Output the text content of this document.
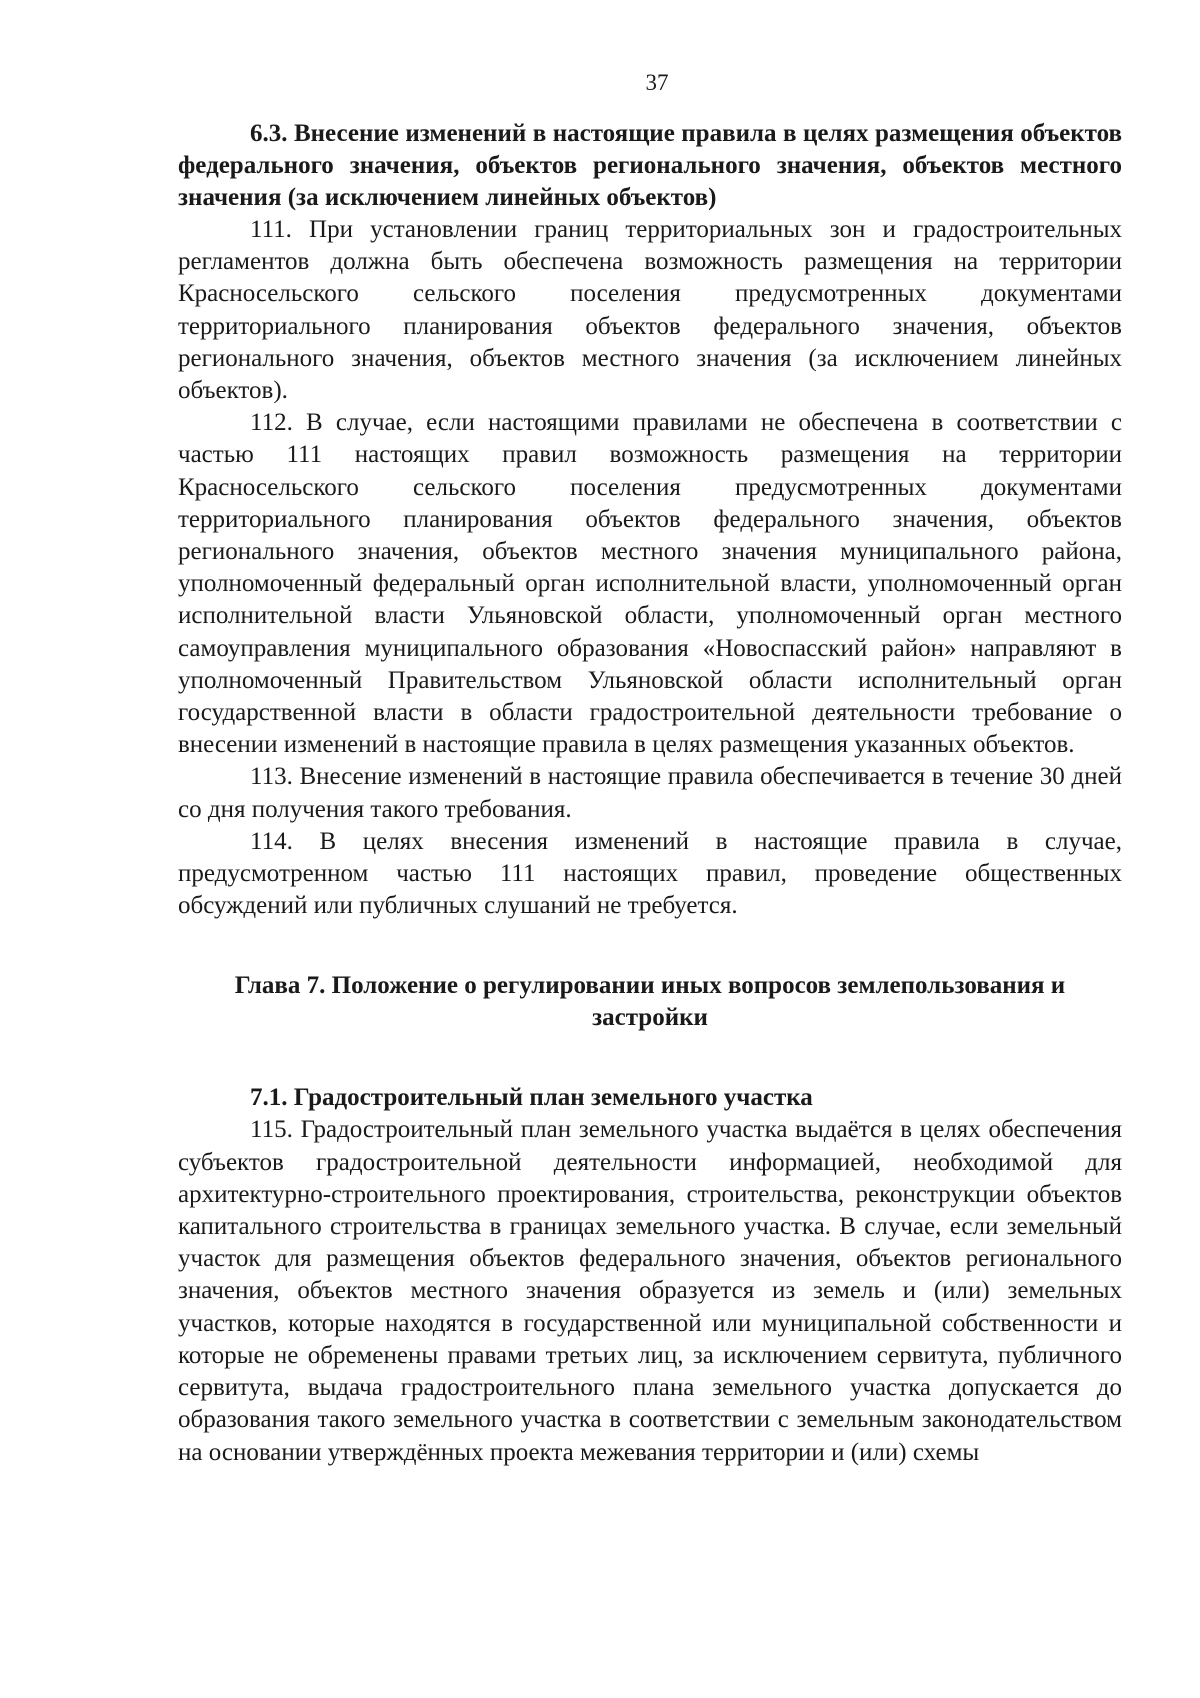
37

6.3. Внесение изменений в настоящие правила в целях размещения объектов федерального значения, объектов регионального значения, объектов местного значения (за исключением линейных объектов)

111. При установлении границ территориальных зон и градостроительных регламентов должна быть обеспечена возможность размещения на территории Красносельского сельского поселения предусмотренных документами территориального планирования объектов федерального значения, объектов регионального значения, объектов местного значения (за исключением линейных объектов).

112. В случае, если настоящими правилами не обеспечена в соответствии с частью 111 настоящих правил возможность размещения на территории Красносельского сельского поселения предусмотренных документами территориального планирования объектов федерального значения, объектов регионального значения, объектов местного значения муниципального района, уполномоченный федеральный орган исполнительной власти, уполномоченный орган исполнительной власти Ульяновской области, уполномоченный орган местного самоуправления муниципального образования «Новоспасский район» направляют в уполномоченный Правительством Ульяновской области исполнительный орган государственной власти в области градостроительной деятельности требование о внесении изменений в настоящие правила в целях размещения указанных объектов.

113. Внесение изменений в настоящие правила обеспечивается в течение 30 дней со дня получения такого требования.

114. В целях внесения изменений в настоящие правила в случае, предусмотренном частью 111 настоящих правил, проведение общественных обсуждений или публичных слушаний не требуется.

Глава 7. Положение о регулировании иных вопросов землепользования и застройки

7.1. Градостроительный план земельного участка

115. Градостроительный план земельного участка выдаётся в целях обеспечения субъектов градостроительной деятельности информацией, необходимой для архитектурно-строительного проектирования, строительства, реконструкции объектов капитального строительства в границах земельного участка. В случае, если земельный участок для размещения объектов федерального значения, объектов регионального значения, объектов местного значения образуется из земель и (или) земельных участков, которые находятся в государственной или муниципальной собственности и которые не обременены правами третьих лиц, за исключением сервитута, публичного сервитута, выдача градостроительного плана земельного участка допускается до образования такого земельного участка в соответствии с земельным законодательством на основании утверждённых проекта межевания территории и (или) схемы
